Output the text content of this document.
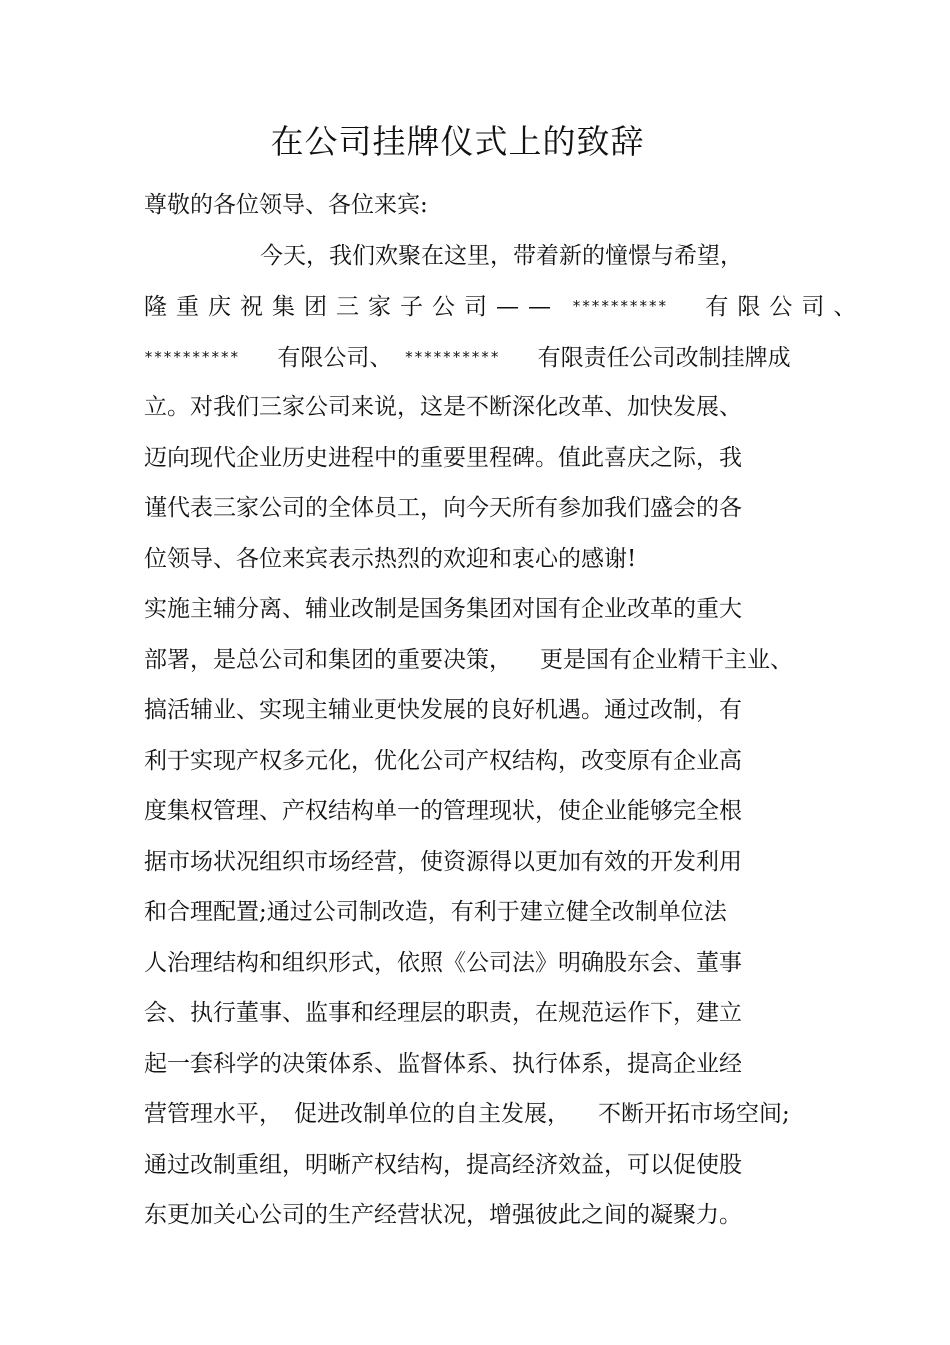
在公司挂牌仪式上的致辞
尊敬的各位领导、各位来宾:
今天，我们欢聚在这里，带着新的憧憬与希望，
隆重庆祝集团三家子公司—— ********** 有限公司、
********** 有限公司、 ********** 有限责任公司改制挂牌成
立。对我们三家公司来说，这是不断深化改革、加快发展、
迈向现代企业历史进程中的重要里程碑。值此喜庆之际，我
谨代表三家公司的全体员工，向今天所有参加我们盛会的各
位领导、各位来宾表示热烈的欢迎和衷心的感谢!
实施主辅分离、辅业改制是国务集团对国有企业改革的重大
部署，是总公司和集团的重要决策， 更是国有企业精干主业、
搞活辅业、实现主辅业更快发展的良好机遇。通过改制，有
利于实现产权多元化，优化公司产权结构，改变原有企业高
度集权管理、产权结构单一的管理现状，使企业能够完全根
据市场状况组织市场经营，使资源得以更加有效的开发利用
和合理配置;通过公司制改造，有利于建立健全改制单位法
人治理结构和组织形式，依照《公司法》明确股东会、董事
会、执行董事、监事和经理层的职责，在规范运作下，建立
起一套科学的决策体系、监督体系、执行体系，提高企业经
营管理水平， 促进改制单位的自主发展， 不断开拓市场空间;
通过改制重组，明晰产权结构，提高经济效益，可以促使股
东更加关心公司的生产经营状况，增强彼此之间的凝聚力。
